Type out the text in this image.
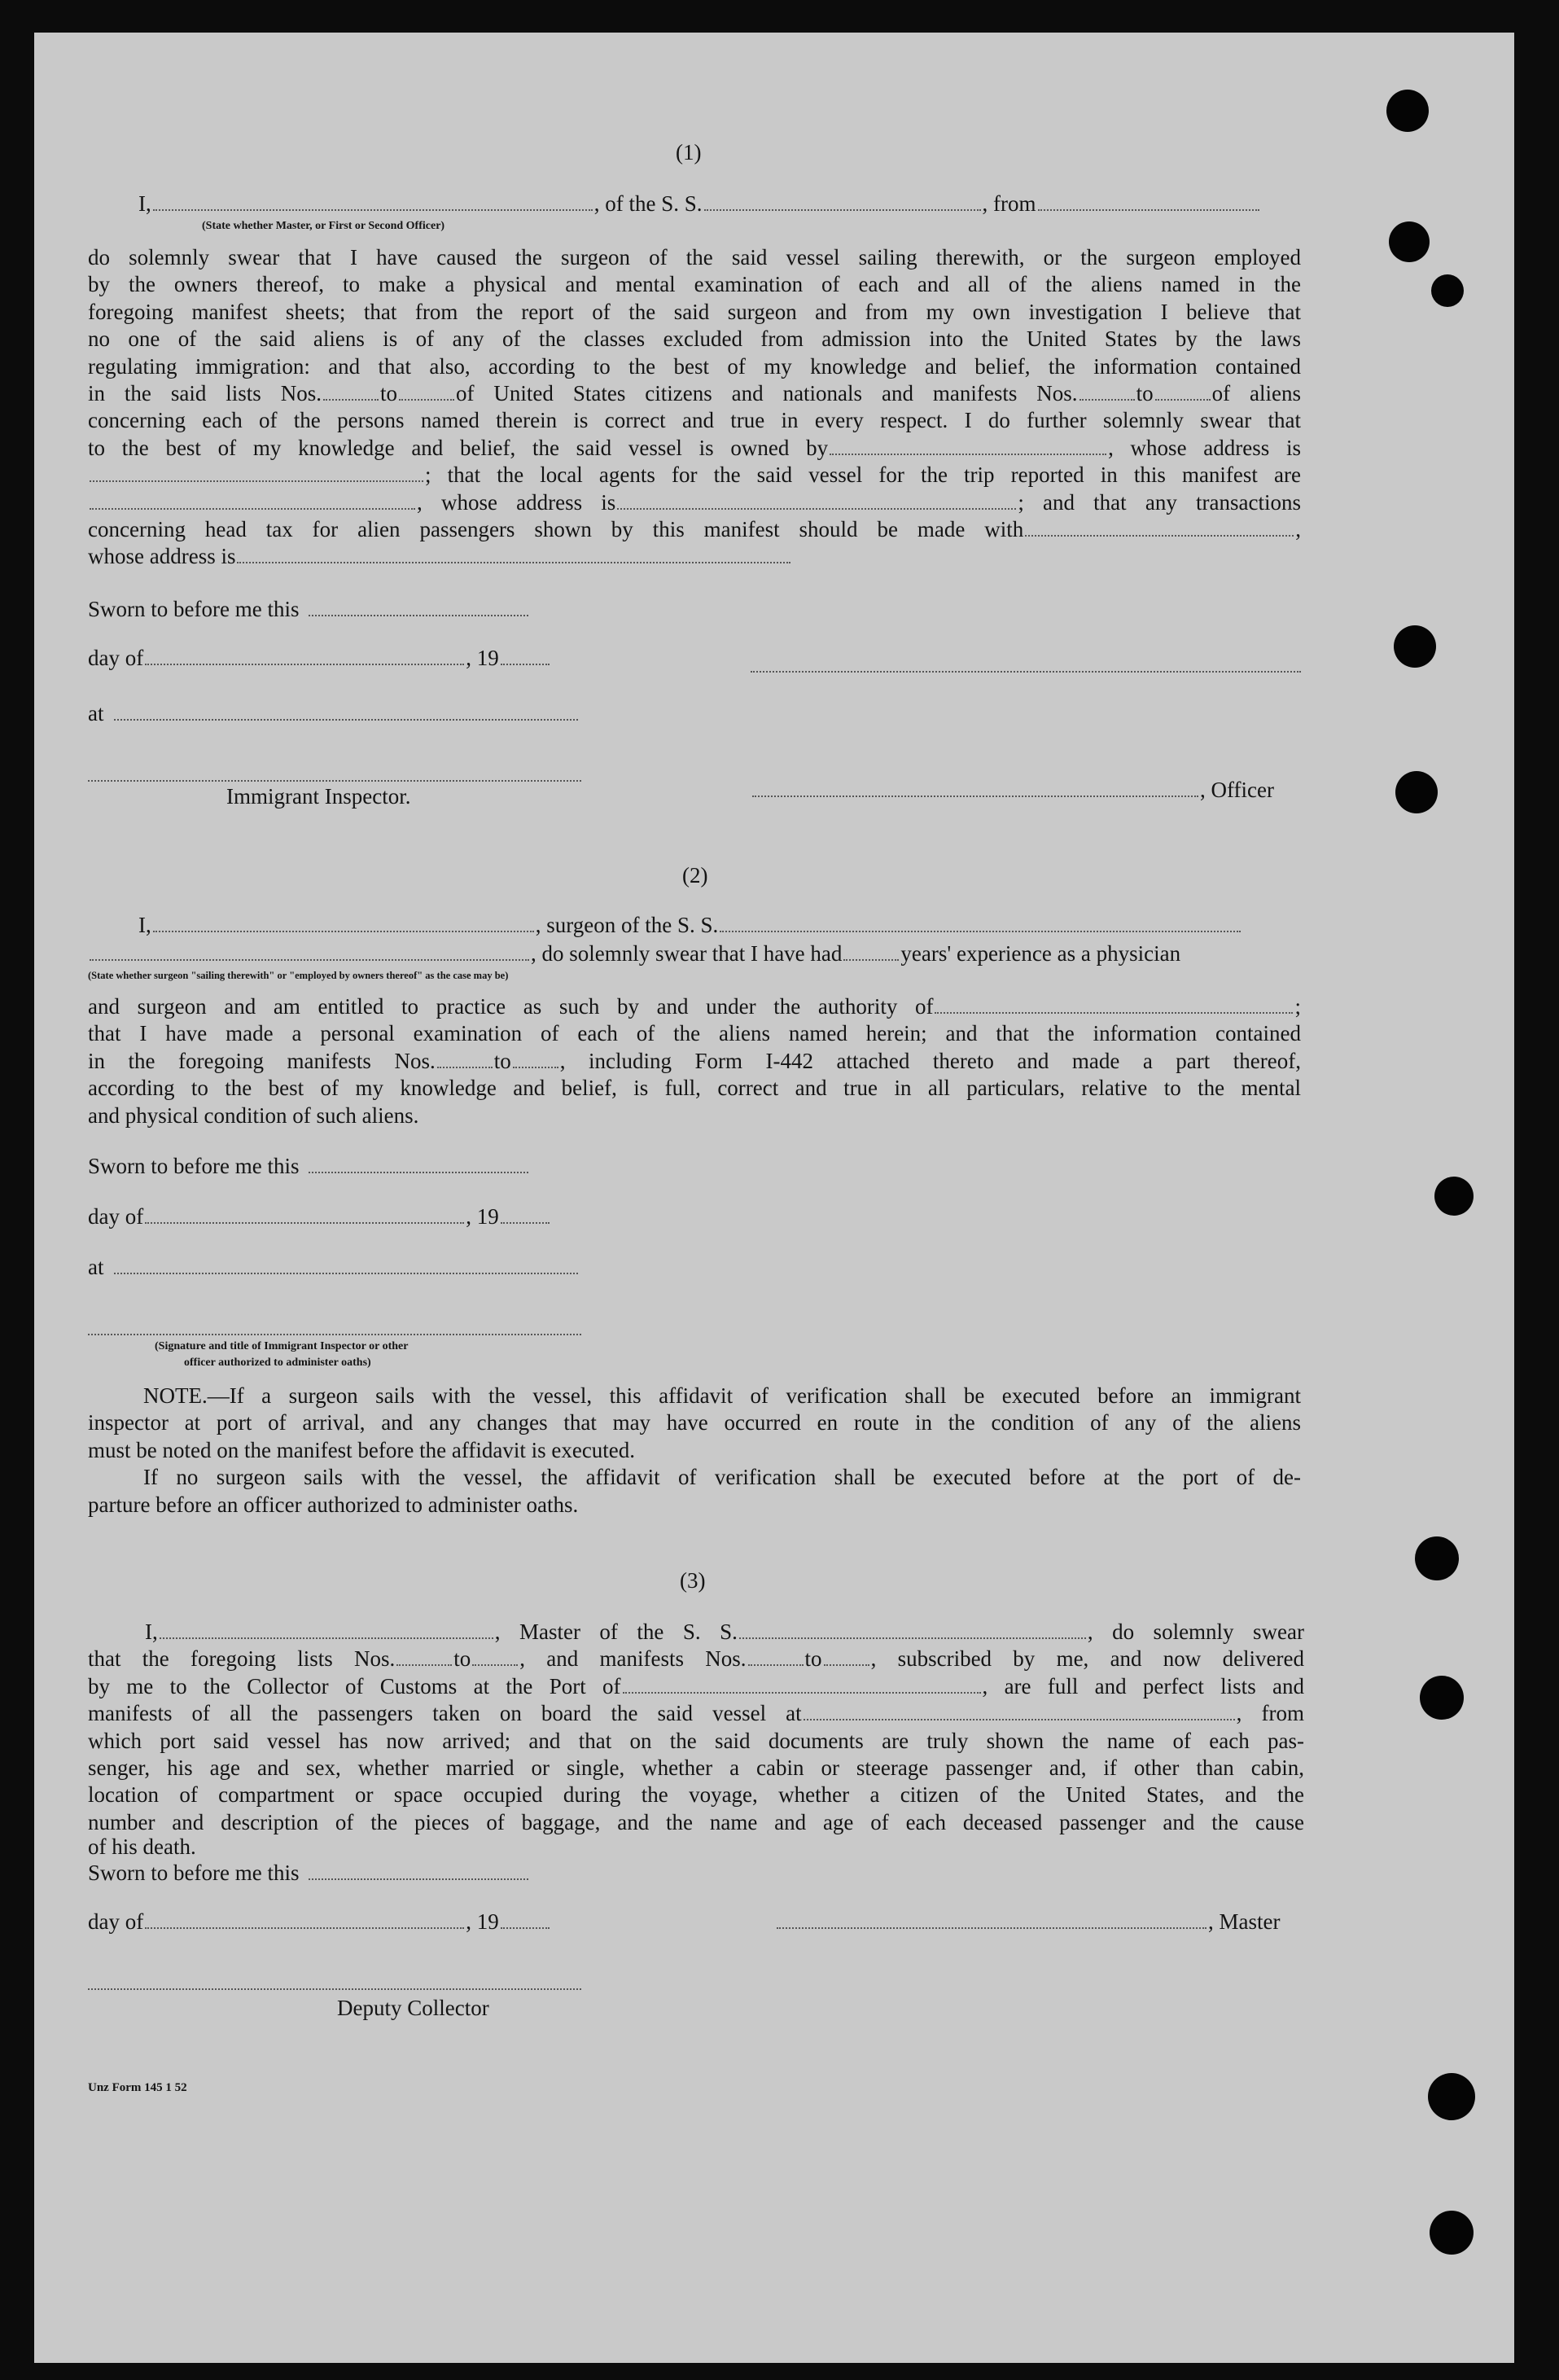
(1)
I,	, of the S. S.	, from
(State whether Master, or First or Second Officer)
do solemnly swear that I have caused the surgeon of the said vessel sailing therewith, or the surgeon employed
by the owners thereof, to make a physical and mental examination of each and all of the aliens named in the
foregoing manifest sheets; that from the report of the said surgeon and from my own investigation I believe that
no one of the said aliens is of any of the classes excluded from admission into the United States by the laws
regulating immigration: and that also, according to the best of my knowledge and belief, the information contained
in the said lists Nos.	to	of United States citizens and nationals and manifests Nos.	to	of aliens
concerning each of the persons named therein is correct and true in every respect. I do further solemnly swear that
to the best of my knowledge and belief, the said vessel is owned by	, whose address is
; that the local agents for the said vessel for the trip reported in this manifest are
, whose address is	; and that any transactions
concerning head tax for alien passengers shown by this manifest should be made with	,
whose address is
Sworn to before me this
day of	, 19
at
Immigrant Inspector.	, Officer
(2)
I,	, surgeon of the S. S.
, do solemnly swear that I have had	years' experience as a physician
(State whether surgeon "sailing therewith" or "employed by owners thereof" as the case may be)
and surgeon and am entitled to practice as such by and under the authority of	;
that I have made a personal examination of each of the aliens named herein; and that the information contained
in the foregoing manifests Nos.	to , including Form I-442 attached thereto and made a part thereof,
according to the best of my knowledge and belief, is full, correct and true in all particulars, relative to the mental
and physical condition of such aliens.
Sworn to before me this
day of	, 19
at
(Signature and title of Immigrant Inspector or other
officer authorized to administer oaths)
NOTE.—If a surgeon sails with the vessel, this affidavit of verification shall be executed before an immigrant
inspector at port of arrival, and any changes that may have occurred en route in the condition of any of the aliens
must be noted on the manifest before the affidavit is executed.
If no surgeon sails with the vessel, the affidavit of verification shall be executed before at the port of de-
parture before an officer authorized to administer oaths.
(3)
I,	, Master of the S. S.	, do solemnly swear
that the foregoing lists Nos.	to , and manifests Nos.	to , subscribed by me, and now delivered
by me to the Collector of Customs at the Port of	, are full and perfect lists and
manifests of all the passengers taken on board the said vessel at	, from
which port said vessel has now arrived; and that on the said documents are truly shown the name of each pas-
senger, his age and sex, whether married or single, whether a cabin or steerage passenger and, if other than cabin,
location of compartment or space occupied during the voyage, whether a citizen of the United States, and the
number and description of the pieces of baggage, and the name and age of each deceased passenger and the cause
of his death.
Sworn to before me this
day of	, 19	, Master
Deputy Collector
Unz Form 145 1 52
